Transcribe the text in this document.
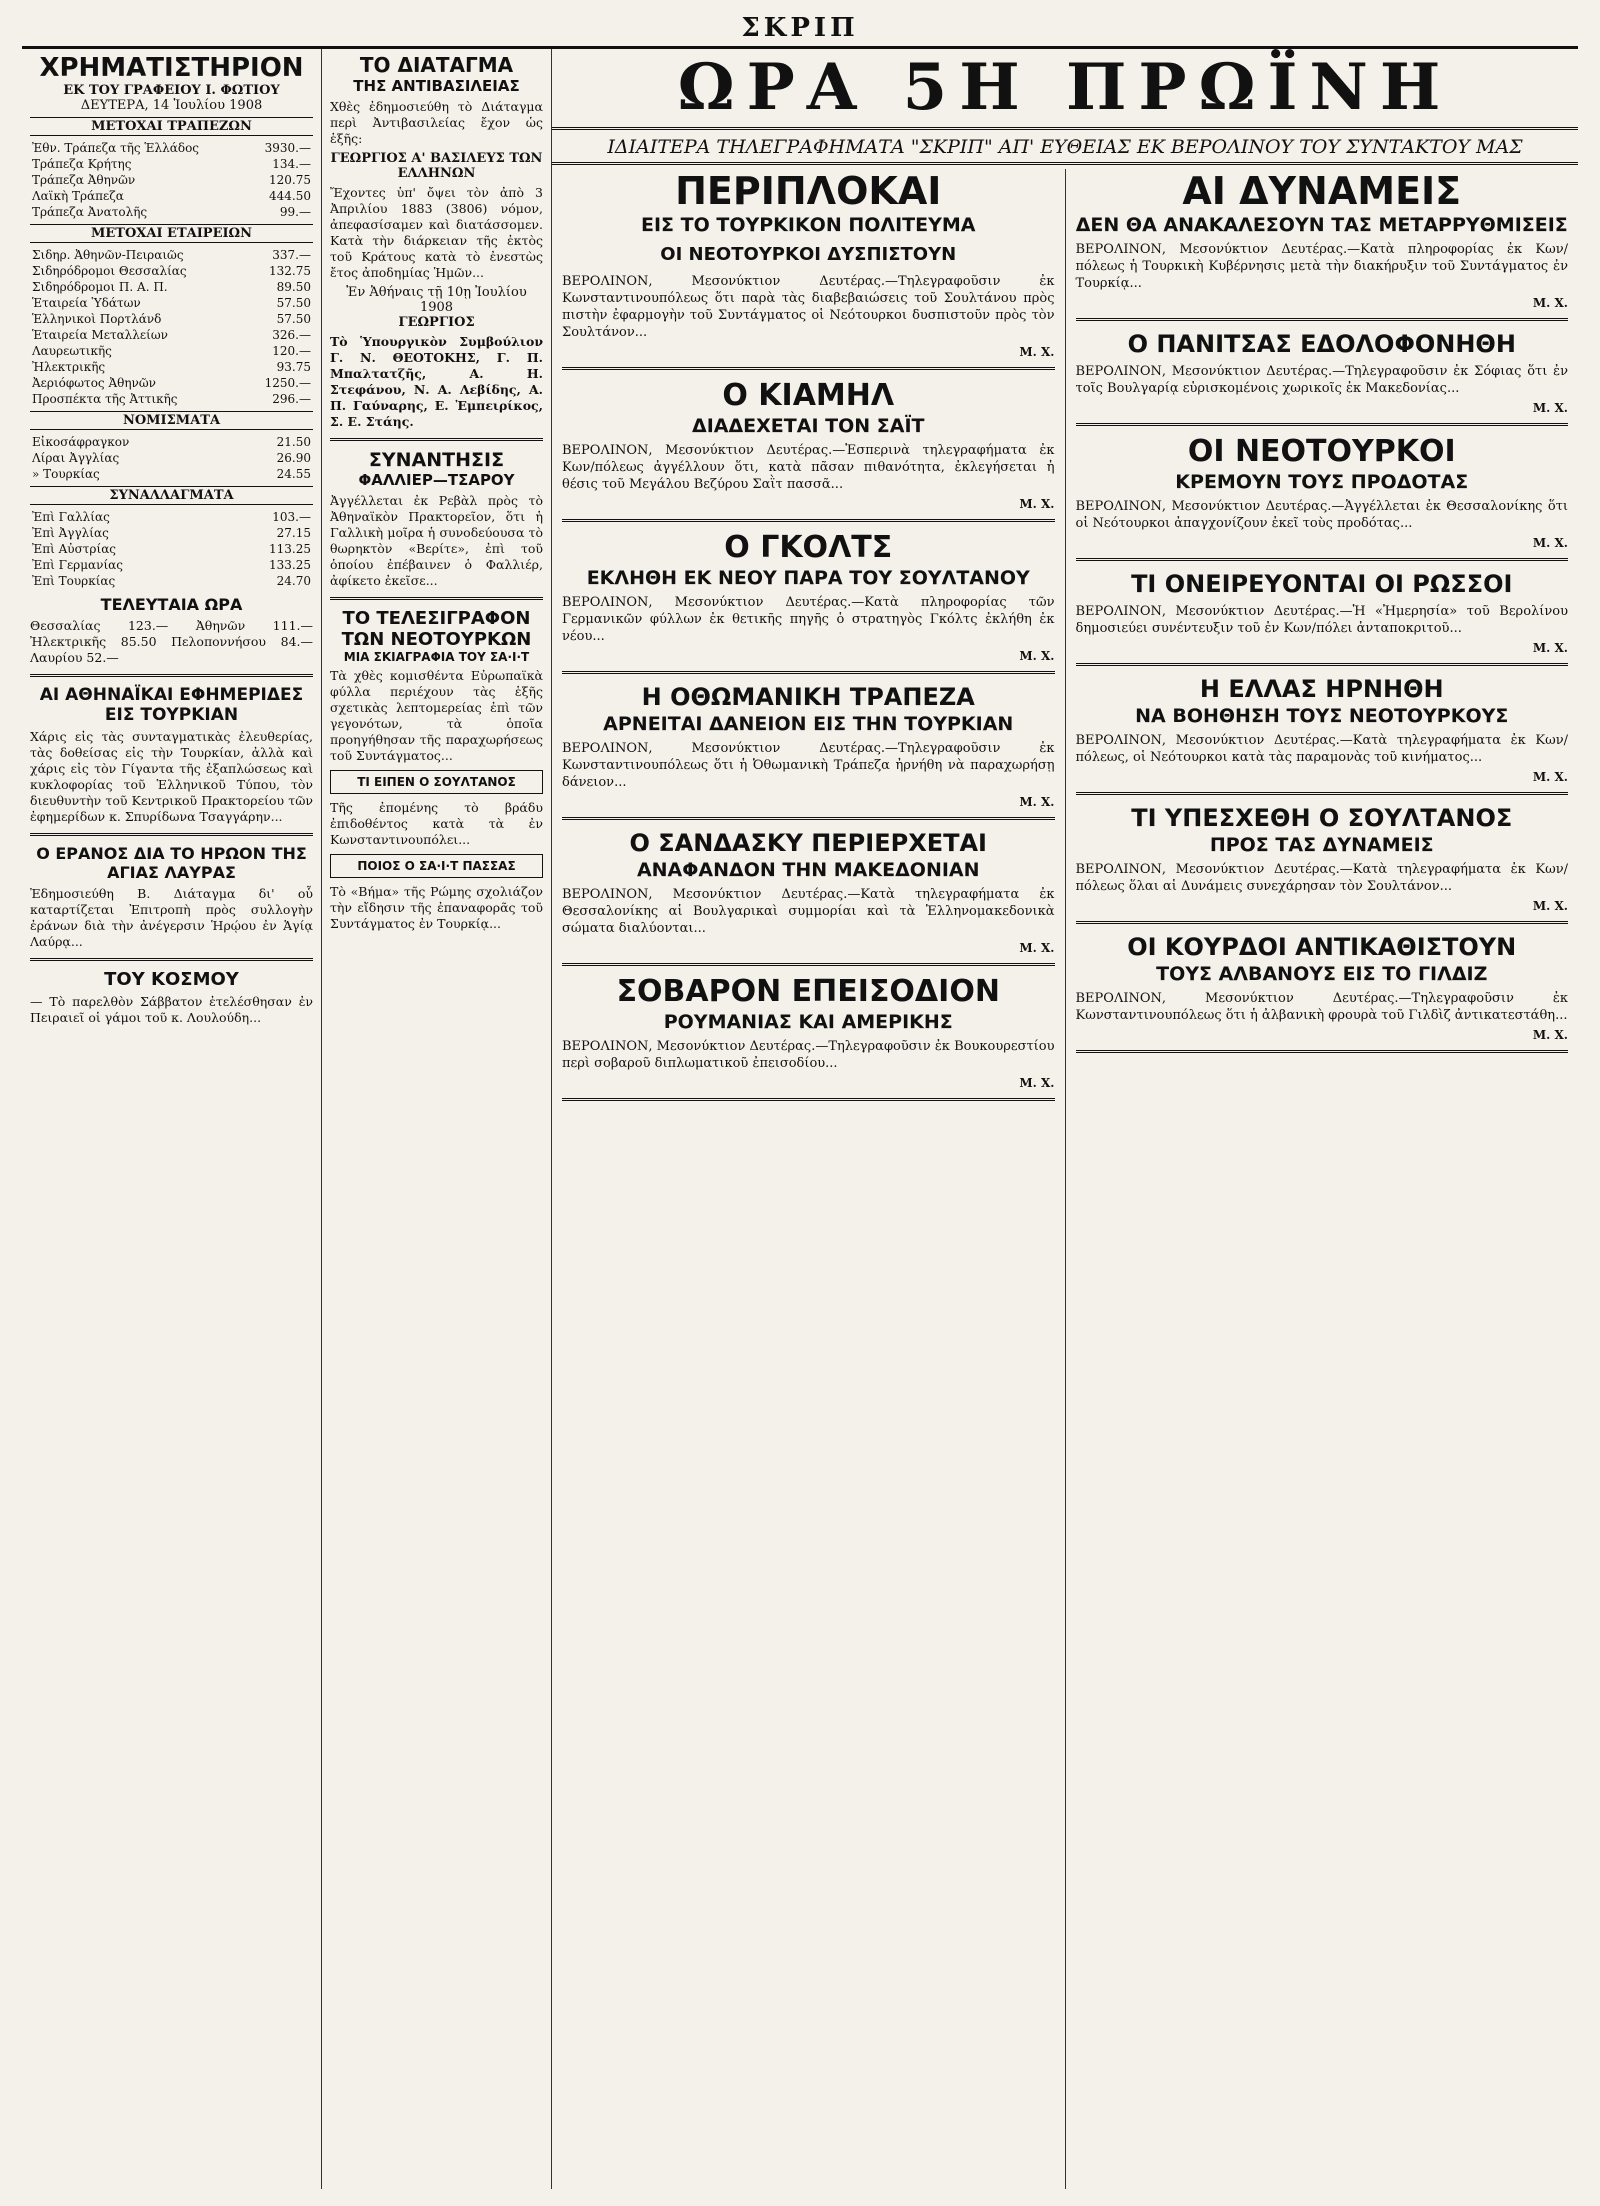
ΣΚΡΙΠ
ΧΡΗΜΑΤΙΣΤΗΡΙΟΝ
ΕΚ ΤΟΥ ΓΡΑΦΕΙΟΥ Ι. ΦΩΤΙΟΥ
ΔΕΥΤΕΡΑ, 14 Ἰουλίου 1908
ΜΕΤΟΧΑΙ ΤΡΑΠΕΖΩΝ
Ἐθν. Τράπεζα τῆς Ἑλλάδος	3930.—
Τράπεζα Κρήτης	134.—
Τράπεζα Ἀθηνῶν	120.75
Λαϊκὴ Τράπεζα	444.50
Τράπεζα Ἀνατολῆς	99.—
ΜΕΤΟΧΑΙ ΕΤΑΙΡΕΙΩΝ
Σιδηρ. Ἀθηνῶν-Πειραιῶς	337.—
Σιδηρόδρομοι Θεσσαλίας	132.75
Σιδηρόδρομοι Π. Α. Π.	89.50
Ἑταιρεία Ὑδάτων	57.50
Ἑλληνικοὶ Πορτλάνδ	57.50
Ἑταιρεία Μεταλλείων	326.—
Λαυρεωτικῆς	120.—
Ἠλεκτρικῆς	93.75
Ἀεριόφωτος Ἀθηνῶν	1250.—
Προσπέκτα τῆς Ἀττικῆς	296.—
ΝΟΜΙΣΜΑΤΑ
Εἰκοσάφραγκον	21.50
Λίραι Ἀγγλίας	26.90
» Τουρκίας	24.55
ΣΥΝΑΛΛΑΓΜΑΤΑ
Ἐπὶ Γαλλίας	103.—
Ἐπὶ Ἀγγλίας	27.15
Ἐπὶ Αὐστρίας	113.25
Ἐπὶ Γερμανίας	133.25
Ἐπὶ Τουρκίας	24.70
ΤΕΛΕΥΤΑΙΑ ΩΡΑ
Θεσσαλίας 123.— Ἀθηνῶν 111.— Ἠλεκτρικῆς 85.50 Πελοποννήσου 84.— Λαυρίου 52.—
ΑΙ ΑΘΗΝΑΪΚΑΙ ΕΦΗΜΕΡΙΔΕΣ ΕΙΣ ΤΟΥΡΚΙΑΝ
Χάρις εἰς τὰς συνταγματικὰς ἐλευθερίας, τὰς δοθείσας εἰς τὴν Τουρκίαν, ἀλλὰ καὶ χάρις εἰς τὸν Γίγαντα τῆς ἐξαπλώσεως καὶ κυκλοφορίας τοῦ Ἑλληνικοῦ Τύπου, τὸν διευθυντὴν τοῦ Κεντρικοῦ Πρακτορείου τῶν ἐφημερίδων κ. Σπυρίδωνα Τσαγγάρην...
Ο ΕΡΑΝΟΣ ΔΙΑ ΤΟ ΗΡΩΟΝ ΤΗΣ ΑΓΙΑΣ ΛΑΥΡΑΣ
Ἐδημοσιεύθη Β. Διάταγμα δι' οὗ καταρτίζεται Ἐπιτροπὴ πρὸς συλλογὴν ἐράνων διὰ τὴν ἀνέγερσιν Ἡρῴου ἐν Ἁγίᾳ Λαύρᾳ...
ΤΟΥ ΚΟΣΜΟΥ
— Τὸ παρελθὸν Σάββατον ἐτελέσθησαν ἐν Πειραιεῖ οἱ γάμοι τοῦ κ. Λουλούδη...
ΤΟ ΔΙΑΤΑΓΜΑ
ΤΗΣ ΑΝΤΙΒΑΣΙΛΕΙΑΣ
Χθὲς ἐδημοσιεύθη τὸ Διάταγμα περὶ Ἀντιβασιλείας ἔχον ὡς ἑξῆς:
ΓΕΩΡΓΙΟΣ Α' ΒΑΣΙΛΕΥΣ ΤΩΝ ΕΛΛΗΝΩΝ
Ἔχοντες ὑπ' ὄψει τὸν ἀπὸ 3 Ἀπριλίου 1883 (3806) νόμον, ἀπεφασίσαμεν καὶ διατάσσομεν. Κατὰ τὴν διάρκειαν τῆς ἐκτὸς τοῦ Κράτους κατὰ τὸ ἐνεστὼς ἔτος ἀποδημίας Ἡμῶν...
Ἐν Ἀθήναις τῇ 10ῃ Ἰουλίου 1908
ΓΕΩΡΓΙΟΣ
Τὸ Ὑπουργικὸν Συμβούλιον Γ. Ν. ΘΕΟΤΟΚΗΣ, Γ. Π. Μπαλτατζῆς, Α. Η. Στεφάνου, Ν. Α. Λεβίδης, Α. Π. Γαύναρης, Ε. Ἐμπειρίκος, Σ. Ε. Στάης.
ΣΥΝΑΝΤΗΣΙΣ
ΦΑΛΛΙΕΡ—ΤΣΑΡΟΥ
Ἀγγέλλεται ἐκ Ρεβὰλ πρὸς τὸ Ἀθηναϊκὸν Πρακτορεῖον, ὅτι ἡ Γαλλικὴ μοῖρα ἡ συνοδεύουσα τὸ θωρηκτὸν «Βερίτε», ἐπὶ τοῦ ὁποίου ἐπέβαινεν ὁ Φαλλιέρ, ἀφίκετο ἐκεῖσε...
ΤΟ ΤΕΛΕΣΙΓΡΑΦΟΝ ΤΩΝ ΝΕΟΤΟΥΡΚΩΝ
ΜΙΑ ΣΚΙΑΓΡΑΦΙΑ ΤΟΥ ΣΑ·Ι·Τ
Τὰ χθὲς κομισθέντα Εὐρωπαϊκὰ φύλλα περιέχουν τὰς ἑξῆς σχετικὰς λεπτομερείας ἐπὶ τῶν γεγονότων, τὰ ὁποῖα προηγήθησαν τῆς παραχωρήσεως τοῦ Συντάγματος...
ΤΙ ΕΙΠΕΝ Ο ΣΟΥΛΤΑΝΟΣ
Τῆς ἐπομένης τὸ βράδυ ἐπιδοθέντος κατὰ τὰ ἐν Κωνσταντινουπόλει...
ΠΟΙΟΣ Ο ΣΑ·Ι·Τ ΠΑΣΣΑΣ
Τὸ «Βήμα» τῆς Ρώμης σχολιάζον τὴν εἴδησιν τῆς ἐπαναφορᾶς τοῦ Συντάγματος ἐν Τουρκίᾳ...
ΩΡΑ 5Η ΠΡΩΪΝΗ
ΙΔΙΑΙΤΕΡΑ ΤΗΛΕΓΡΑΦΗΜΑΤΑ "ΣΚΡΙΠ" ΑΠ' ΕΥΘΕΙΑΣ ΕΚ ΒΕΡΟΛΙΝΟΥ ΤΟΥ ΣΥΝΤΑΚΤΟΥ ΜΑΣ
ΠΕΡΙΠΛΟΚΑΙ
ΕΙΣ ΤΟ ΤΟΥΡΚΙΚΟΝ ΠΟΛΙΤΕΥΜΑ
ΟΙ ΝΕΟΤΟΥΡΚΟΙ ΔΥΣΠΙΣΤΟΥΝ
ΒΕΡΟΛΙΝΟΝ, Μεσονύκτιον Δευτέρας.—Τηλεγραφοῦσιν ἐκ Κωνσταντινουπόλεως ὅτι παρὰ τὰς διαβεβαιώσεις τοῦ Σουλτάνου πρὸς πιστὴν ἐφαρμογὴν τοῦ Συντάγματος οἱ Νεότουρκοι δυσπιστοῦν πρὸς τὸν Σουλτάνον...
Μ. Χ.
Ο ΚΙΑΜΗΛ
ΔΙΑΔΕΧΕΤΑΙ ΤΟΝ ΣΑΪΤ
ΒΕΡΟΛΙΝΟΝ, Μεσονύκτιον Δευτέρας.—Ἐσπερινὰ τηλεγραφήματα ἐκ Κων/πόλεως ἀγγέλλουν ὅτι, κατὰ πᾶσαν πιθανότητα, ἐκλεγήσεται ἡ θέσις τοῦ Μεγάλου Βεζύρου Σαῒτ πασσᾶ...
Μ. Χ.
Ο ΓΚΟΛΤΣ
ΕΚΛΗΘΗ ΕΚ ΝΕΟΥ ΠΑΡΑ ΤΟΥ ΣΟΥΛΤΑΝΟΥ
ΒΕΡΟΛΙΝΟΝ, Μεσονύκτιον Δευτέρας.—Κατὰ πληροφορίας τῶν Γερμανικῶν φύλλων ἐκ θετικῆς πηγῆς ὁ στρατηγὸς Γκόλτς ἐκλήθη ἐκ νέου...
Μ. Χ.
Η ΟΘΩΜΑΝΙΚΗ ΤΡΑΠΕΖΑ
ΑΡΝΕΙΤΑΙ ΔΑΝΕΙΟΝ ΕΙΣ ΤΗΝ ΤΟΥΡΚΙΑΝ
ΒΕΡΟΛΙΝΟΝ, Μεσονύκτιον Δευτέρας.—Τηλεγραφοῦσιν ἐκ Κωνσταντινουπόλεως ὅτι ἡ Ὀθωμανικὴ Τράπεζα ἠρνήθη νὰ παραχωρήσῃ δάνειον...
Μ. Χ.
Ο ΣΑΝΔΑΣΚΥ ΠΕΡΙΕΡΧΕΤΑΙ
ΑΝΑΦΑΝΔΟΝ ΤΗΝ ΜΑΚΕΔΟΝΙΑΝ
ΒΕΡΟΛΙΝΟΝ, Μεσονύκτιον Δευτέρας.—Κατὰ τηλεγραφήματα ἐκ Θεσσαλονίκης αἱ Βουλγαρικαὶ συμμορίαι καὶ τὰ Ἑλληνομακεδονικὰ σώματα διαλύονται...
Μ. Χ.
ΣΟΒΑΡΟΝ ΕΠΕΙΣΟΔΙΟΝ
ΡΟΥΜΑΝΙΑΣ ΚΑΙ ΑΜΕΡΙΚΗΣ
ΒΕΡΟΛΙΝΟΝ, Μεσονύκτιον Δευτέρας.—Τηλεγραφοῦσιν ἐκ Βουκουρεστίου περὶ σοβαροῦ διπλωματικοῦ ἐπεισοδίου...
Μ. Χ.
ΑΙ ΔΥΝΑΜΕΙΣ
ΔΕΝ ΘΑ ΑΝΑΚΑΛΕΣΟΥΝ ΤΑΣ ΜΕΤΑΡΡΥΘΜΙΣΕΙΣ
ΒΕΡΟΛΙΝΟΝ, Μεσονύκτιον Δευτέρας.—Κατὰ πληροφορίας ἐκ Κων/πόλεως ἡ Τουρκικὴ Κυβέρνησις μετὰ τὴν διακήρυξιν τοῦ Συντάγματος ἐν Τουρκίᾳ...
Μ. Χ.
Ο ΠΑΝΙΤΣΑΣ ΕΔΟΛΟΦΟΝΗΘΗ
ΒΕΡΟΛΙΝΟΝ, Μεσονύκτιον Δευτέρας.—Τηλεγραφοῦσιν ἐκ Σόφιας ὅτι ἐν τοῖς Βουλγαρίᾳ εὑρισκομένοις χωρικοῖς ἐκ Μακεδονίας...
Μ. Χ.
ΟΙ ΝΕΟΤΟΥΡΚΟΙ
ΚΡΕΜΟΥΝ ΤΟΥΣ ΠΡΟΔΟΤΑΣ
ΒΕΡΟΛΙΝΟΝ, Μεσονύκτιον Δευτέρας.—Ἀγγέλλεται ἐκ Θεσσαλονίκης ὅτι οἱ Νεότουρκοι ἀπαγχονίζουν ἐκεῖ τοὺς προδότας...
Μ. Χ.
ΤΙ ΟΝΕΙΡΕΥΟΝΤΑΙ ΟΙ ΡΩΣΣΟΙ
ΒΕΡΟΛΙΝΟΝ, Μεσονύκτιον Δευτέρας.—Ἡ «Ἠμερησία» τοῦ Βερολίνου δημοσιεύει συνέντευξιν τοῦ ἐν Κων/πόλει ἀνταποκριτοῦ...
Μ. Χ.
Η ΕΛΛΑΣ ΗΡΝΗΘΗ
ΝΑ ΒΟΗΘΗΣΗ ΤΟΥΣ ΝΕΟΤΟΥΡΚΟΥΣ
ΒΕΡΟΛΙΝΟΝ, Μεσονύκτιον Δευτέρας.—Κατὰ τηλεγραφήματα ἐκ Κων/πόλεως, οἱ Νεότουρκοι κατὰ τὰς παραμονὰς τοῦ κινήματος...
Μ. Χ.
ΤΙ ΥΠΕΣΧΕΘΗ Ο ΣΟΥΛΤΑΝΟΣ
ΠΡΟΣ ΤΑΣ ΔΥΝΑΜΕΙΣ
ΒΕΡΟΛΙΝΟΝ, Μεσονύκτιον Δευτέρας.—Κατὰ τηλεγραφήματα ἐκ Κων/πόλεως ὅλαι αἱ Δυνάμεις συνεχάρησαν τὸν Σουλτάνον...
Μ. Χ.
ΟΙ ΚΟΥΡΔΟΙ ΑΝΤΙΚΑΘΙΣΤΟΥΝ
ΤΟΥΣ ΑΛΒΑΝΟΥΣ ΕΙΣ ΤΟ ΓΙΛΔΙΖ
ΒΕΡΟΛΙΝΟΝ, Μεσονύκτιον Δευτέρας.—Τηλεγραφοῦσιν ἐκ Κωνσταντινουπόλεως ὅτι ἡ ἀλβανικὴ φρουρὰ τοῦ Γιλδὶζ ἀντικατεστάθη...
Μ. Χ.
